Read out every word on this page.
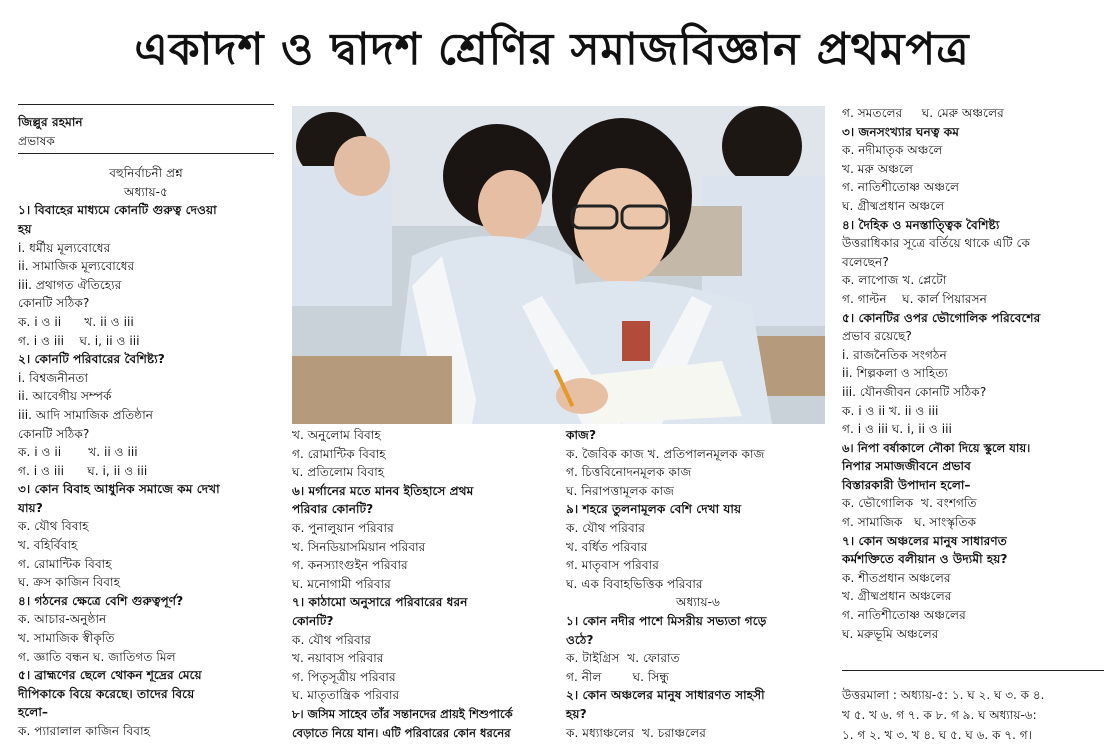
একাদশ ও দ্বাদশ শ্রেণির সমাজবিজ্ঞান প্রথমপত্র

জিল্লুর রহমান

প্রভাষক

বহুনির্বাচনী প্রশ্ন

অধ্যায়-৫

১। বিবাহের মাধ্যমে কোনটি গুরুত্ব দেওয়া

হয়

i. ধর্মীয় মূল্যবোধের

ii. সামাজিক মূল্যবোধের

iii. প্রথাগত ঐতিহ্যের

কোনটি সঠিক?

ক. i ও ii      খ. ii ও iii

গ. i ও iii    ঘ. i, ii ও iii

২। কোনটি পরিবারের বৈশিষ্ট্য?

i. বিশ্বজনীনতা

ii. আবেগীয় সম্পর্ক

iii. আদি সামাজিক প্রতিষ্ঠান

কোনটি সঠিক?

ক. i ও ii       খ. ii ও iii

গ. i ও iii      ঘ. i, ii ও iii

৩। কোন বিবাহ আধুনিক সমাজে কম দেখা

যায়?

ক. যৌথ বিবাহ

খ. বহির্বিবাহ

গ. রোমান্টিক বিবাহ

ঘ. ক্রস কাজিন বিবাহ

৪। গঠনের ক্ষেত্রে বেশি গুরুত্বপূর্ণ?

ক. আচার-অনুষ্ঠান

খ. সামাজিক স্বীকৃতি

গ. জ্ঞাতি বন্ধন ঘ. জাতিগত মিল

৫। ব্রাহ্মণের ছেলে থোকন শূদ্রের মেয়ে

দীপিকাকে বিয়ে করেছে। তাদের বিয়ে

হলো–

ক. প্যারালাল কাজিন বিবাহ

খ. অনুলোম বিবাহ

গ. রোমান্টিক বিবাহ

ঘ. প্রতিলোম বিবাহ

৬। মর্গানের মতে মানব ইতিহাসে প্রথম

পরিবার কোনটি?

ক. পুনালুয়ান পরিবার

খ. সিনডিয়াসমিয়ান পরিবার

গ. কনস্যাংগুইন পরিবার

ঘ. মনোগামী পরিবার

৭। কাঠামো অনুসারে পরিবারের ধরন

কোনটি?

ক. যৌথ পরিবার

খ. নয়াবাস পরিবার

গ. পিতৃসূত্রীয় পরিবার

ঘ. মাতৃতান্ত্রিক পরিবার

৮। জসিম সাহেব তাঁর সন্তানদের প্রায়ই শিশুপার্কে

বেড়াতে নিয়ে যান। এটি পরিবারের কোন ধরনের

কাজ?

ক. জৈবিক কাজ খ. প্রতিপালনমূলক কাজ

গ. চিত্তবিনোদনমূলক কাজ

ঘ. নিরাপত্তামূলক কাজ

৯। শহরে তুলনামূলক বেশি দেখা যায়

ক. যৌথ পরিবার

খ. বর্ধিত পরিবার

গ. মাতৃবাস পরিবার

ঘ. এক বিবাহভিত্তিক পরিবার

অধ্যায়-৬

১। কোন নদীর পাশে মিসরীয় সভ্যতা গড়ে

ওঠে?

ক. টাইগ্রিস  খ. ফোরাত

গ. নীল        ঘ. সিন্ধু

২। কোন অঞ্চলের মানুষ সাধারণত সাহসী

হয়?

ক. মধ্যাঞ্চলের  খ. চরাঞ্চলের

গ. সমতলের     ঘ. মেরু অঞ্চলের

৩। জনসংখ্যার ঘনত্ব কম

ক. নদীমাতৃক অঞ্চলে

খ. মরু অঞ্চলে

গ. নাতিশীতোষ্ণ অঞ্চলে

ঘ. গ্রীষ্মপ্রধান অঞ্চলে

৪। দৈহিক ও মনস্তাত্ত্বিক বৈশিষ্ট্য

উত্তরাধিকার সূত্রে বর্তিয়ে থাকে এটি কে

বলেছেন?

ক. লাপোজ খ. প্লেটো

গ. গাল্টন    ঘ. কার্ল পিয়ারসন

৫। কোনটির ওপর ভৌগোলিক পরিবেশের

প্রভাব রয়েছে?

i. রাজনৈতিক সংগঠন

ii. শিল্পকলা ও সাহিত্য

iii. যৌনজীবন কোনটি সঠিক?

ক. i ও ii খ. ii ও iii

গ. i ও iii ঘ. i, ii ও iii

৬। নিপা বর্ষাকালে নৌকা দিয়ে স্কুলে যায়।

নিপার সমাজজীবনে প্রভাব

বিস্তারকারী উপাদান হলো–

ক. ভৌগোলিক  খ. বংশগতি

গ. সামাজিক   ঘ. সাংস্কৃতিক

৭। কোন অঞ্চলের মানুষ সাধারণত

কর্মশক্তিতে বলীয়ান ও উদ্যমী হয়?

ক. শীতপ্রধান অঞ্চলের

খ. গ্রীষ্মপ্রধান অঞ্চলের

গ. নাতিশীতোষ্ণ অঞ্চলের

ঘ. মরুভূমি অঞ্চলের

উত্তরমালা : অধ্যায়-৫: ১. ঘ ২. ঘ ৩. ক ৪.

খ ৫. খ ৬. গ ৭. ক ৮. গ ৯. ঘ অধ্যায়-৬:

১. গ ২. খ ৩. খ ৪. ঘ ৫. ঘ ৬. ক ৭. গ।
